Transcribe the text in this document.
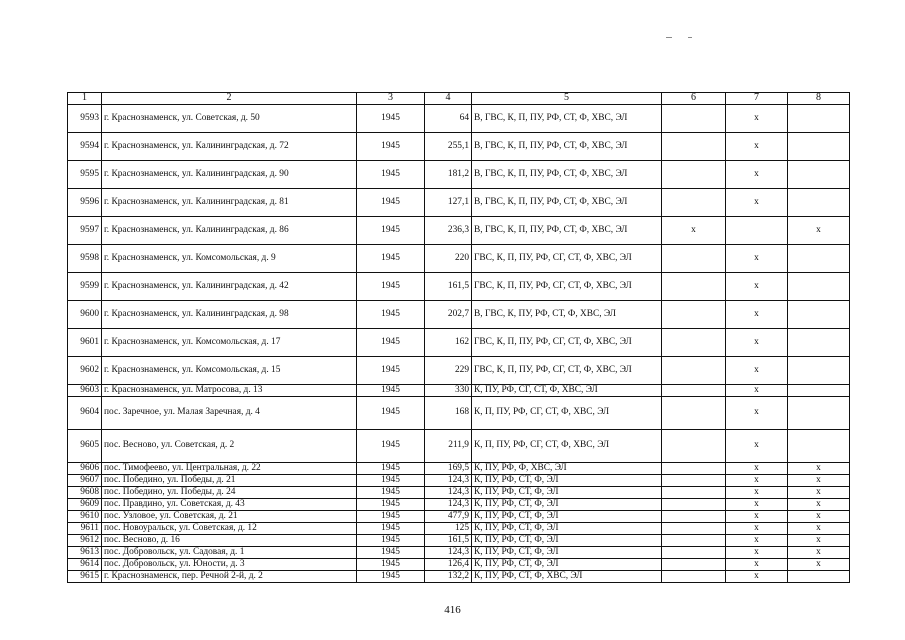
1	2	3	4	5	6	7	8
9593	г. Краснознаменск, ул. Советская, д. 50	1945	64	В, ГВС, К, П, ПУ, РФ, СТ, Ф, ХВС, ЭЛ		х	
9594	г. Краснознаменск, ул. Калининградская, д. 72	1945	255,1	В, ГВС, К, П, ПУ, РФ, СТ, Ф, ХВС, ЭЛ		х	
9595	г. Краснознаменск, ул. Калининградская, д. 90	1945	181,2	В, ГВС, К, П, ПУ, РФ, СТ, Ф, ХВС, ЭЛ		х	
9596	г. Краснознаменск, ул. Калининградская, д. 81	1945	127,1	В, ГВС, К, П, ПУ, РФ, СТ, Ф, ХВС, ЭЛ		х	
9597	г. Краснознаменск, ул. Калининградская, д. 86	1945	236,3	В, ГВС, К, П, ПУ, РФ, СТ, Ф, ХВС, ЭЛ	х		х
9598	г. Краснознаменск, ул. Комсомольская, д. 9	1945	220	ГВС, К, П, ПУ, РФ, СГ, СТ, Ф, ХВС, ЭЛ		х	
9599	г. Краснознаменск, ул. Калининградская, д. 42	1945	161,5	ГВС, К, П, ПУ, РФ, СГ, СТ, Ф, ХВС, ЭЛ		х	
9600	г. Краснознаменск, ул. Калининградская, д. 98	1945	202,7	В, ГВС, К, ПУ, РФ, СТ, Ф, ХВС, ЭЛ		х	
9601	г. Краснознаменск, ул. Комсомольская, д. 17	1945	162	ГВС, К, П, ПУ, РФ, СГ, СТ, Ф, ХВС, ЭЛ		х	
9602	г. Краснознаменск, ул. Комсомольская, д. 15	1945	229	ГВС, К, П, ПУ, РФ, СГ, СТ, Ф, ХВС, ЭЛ		х	
9603	г. Краснознаменск, ул. Матросова, д. 13	1945	330	К, ПУ, РФ, СГ, СТ, Ф, ХВС, ЭЛ		х	
9604	пос. Заречное, ул. Малая Заречная, д. 4	1945	168	К, П, ПУ, РФ, СГ, СТ, Ф, ХВС, ЭЛ		х	
9605	пос. Весново, ул. Советская, д. 2	1945	211,9	К, П, ПУ, РФ, СГ, СТ, Ф, ХВС, ЭЛ		х	
9606	пос. Тимофеево, ул. Центральная, д. 22	1945	169,5	К, ПУ, РФ, Ф, ХВС, ЭЛ		х	х
9607	пос. Победино, ул. Победы, д. 21	1945	124,3	К, ПУ, РФ, СТ, Ф, ЭЛ		х	х
9608	пос. Победино, ул. Победы, д. 24	1945	124,3	К, ПУ, РФ, СТ, Ф, ЭЛ		х	х
9609	пос. Правдино, ул. Советская, д. 43	1945	124,3	К, ПУ, РФ, СТ, Ф, ЭЛ		х	х
9610	пос. Узловое, ул. Советская, д. 21	1945	477,9	К, ПУ, РФ, СТ, Ф, ЭЛ		х	х
9611	пос. Новоуральск, ул. Советская, д. 12	1945	125	К, ПУ, РФ, СТ, Ф, ЭЛ		х	х
9612	пос. Весново, д. 16	1945	161,5	К, ПУ, РФ, СТ, Ф, ЭЛ		х	х
9613	пос. Добровольск, ул. Садовая, д. 1	1945	124,3	К, ПУ, РФ, СТ, Ф, ЭЛ		х	х
9614	пос. Добровольск, ул. Юности, д. 3	1945	126,4	К, ПУ, РФ, СТ, Ф, ЭЛ		х	х
9615	г. Краснознаменск, пер. Речной 2-й, д. 2	1945	132,2	К, ПУ, РФ, СТ, Ф, ХВС, ЭЛ		х	
416
